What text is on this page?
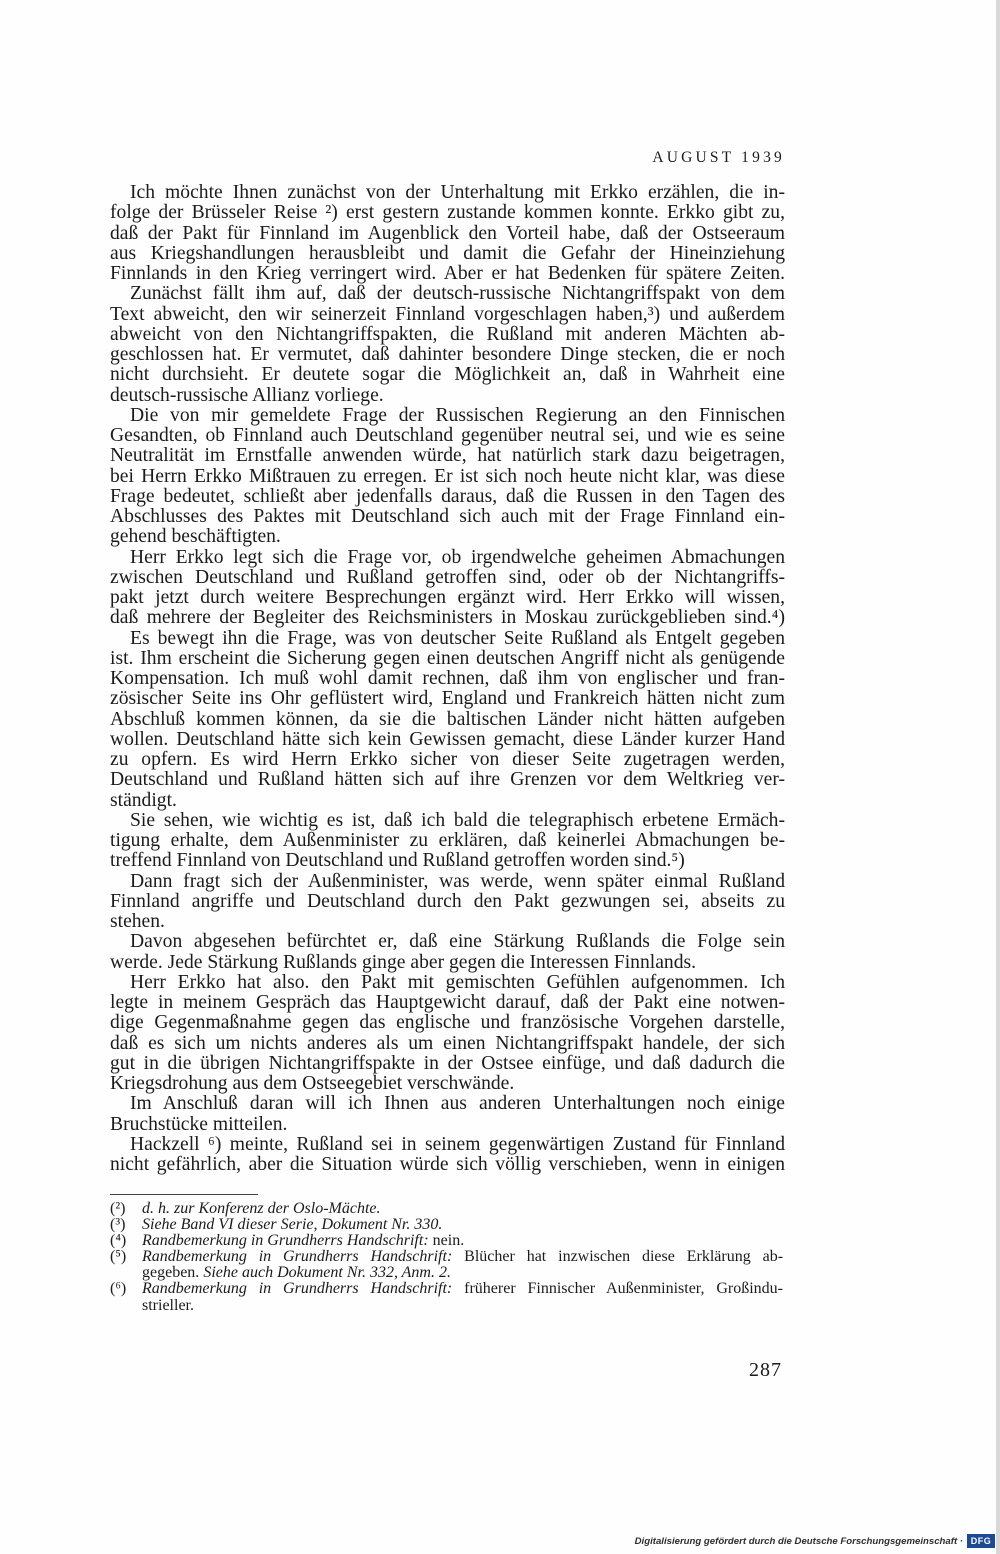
AUGUST 1939
Ich möchte Ihnen zunächst von der Unterhaltung mit Erkko erzählen, die in-
folge der Brüsseler Reise ²) erst gestern zustande kommen konnte. Erkko gibt zu,
daß der Pakt für Finnland im Augenblick den Vorteil habe, daß der Ostseeraum
aus Kriegshandlungen herausbleibt und damit die Gefahr der Hineinziehung
Finnlands in den Krieg verringert wird. Aber er hat Bedenken für spätere Zeiten.
Zunächst fällt ihm auf, daß der deutsch-russische Nichtangriffspakt von dem
Text abweicht, den wir seinerzeit Finnland vorgeschlagen haben,³) und außerdem
abweicht von den Nichtangriffspakten, die Rußland mit anderen Mächten ab-
geschlossen hat. Er vermutet, daß dahinter besondere Dinge stecken, die er noch
nicht durchsieht. Er deutete sogar die Möglichkeit an, daß in Wahrheit eine
deutsch-russische Allianz vorliege.
Die von mir gemeldete Frage der Russischen Regierung an den Finnischen
Gesandten, ob Finnland auch Deutschland gegenüber neutral sei, und wie es seine
Neutralität im Ernstfalle anwenden würde, hat natürlich stark dazu beigetragen,
bei Herrn Erkko Mißtrauen zu erregen. Er ist sich noch heute nicht klar, was diese
Frage bedeutet, schließt aber jedenfalls daraus, daß die Russen in den Tagen des
Abschlusses des Paktes mit Deutschland sich auch mit der Frage Finnland ein-
gehend beschäftigten.
Herr Erkko legt sich die Frage vor, ob irgendwelche geheimen Abmachungen
zwischen Deutschland und Rußland getroffen sind, oder ob der Nichtangriffs-
pakt jetzt durch weitere Besprechungen ergänzt wird. Herr Erkko will wissen,
daß mehrere der Begleiter des Reichsministers in Moskau zurückgeblieben sind.⁴)
Es bewegt ihn die Frage, was von deutscher Seite Rußland als Entgelt gegeben
ist. Ihm erscheint die Sicherung gegen einen deutschen Angriff nicht als genügende
Kompensation. Ich muß wohl damit rechnen, daß ihm von englischer und fran-
zösischer Seite ins Ohr geflüstert wird, England und Frankreich hätten nicht zum
Abschluß kommen können, da sie die baltischen Länder nicht hätten aufgeben
wollen. Deutschland hätte sich kein Gewissen gemacht, diese Länder kurzer Hand
zu opfern. Es wird Herrn Erkko sicher von dieser Seite zugetragen werden,
Deutschland und Rußland hätten sich auf ihre Grenzen vor dem Weltkrieg ver-
ständigt.
Sie sehen, wie wichtig es ist, daß ich bald die telegraphisch erbetene Ermäch-
tigung erhalte, dem Außenminister zu erklären, daß keinerlei Abmachungen be-
treffend Finnland von Deutschland und Rußland getroffen worden sind.⁵)
Dann fragt sich der Außenminister, was werde, wenn später einmal Rußland
Finnland angriffe und Deutschland durch den Pakt gezwungen sei, abseits zu
stehen.
Davon abgesehen befürchtet er, daß eine Stärkung Rußlands die Folge sein
werde. Jede Stärkung Rußlands ginge aber gegen die Interessen Finnlands.
Herr Erkko hat also. den Pakt mit gemischten Gefühlen aufgenommen. Ich
legte in meinem Gespräch das Hauptgewicht darauf, daß der Pakt eine notwen-
dige Gegenmaßnahme gegen das englische und französische Vorgehen darstelle,
daß es sich um nichts anderes als um einen Nichtangriffspakt handele, der sich
gut in die übrigen Nichtangriffspakte in der Ostsee einfüge, und daß dadurch die
Kriegsdrohung aus dem Ostseegebiet verschwände.
Im Anschluß daran will ich Ihnen aus anderen Unterhaltungen noch einige
Bruchstücke mitteilen.
Hackzell ⁶) meinte, Rußland sei in seinem gegenwärtigen Zustand für Finnland
nicht gefährlich, aber die Situation würde sich völlig verschieben, wenn in einigen
(²) d. h. zur Konferenz der Oslo-Mächte.
(³) Siehe Band VI dieser Serie, Dokument Nr. 330.
(⁴) Randbemerkung in Grundherrs Handschrift: nein.
(⁵) Randbemerkung in Grundherrs Handschrift: Blücher hat inzwischen diese Erklärung ab-
gegeben. Siehe auch Dokument Nr. 332, Anm. 2.
(⁶) Randbemerkung in Grundherrs Handschrift: früherer Finnischer Außenminister, Großindu-
strieller.
287
Digitalisierung gefördert durch die Deutsche Forschungsgemeinschaft · DFG
